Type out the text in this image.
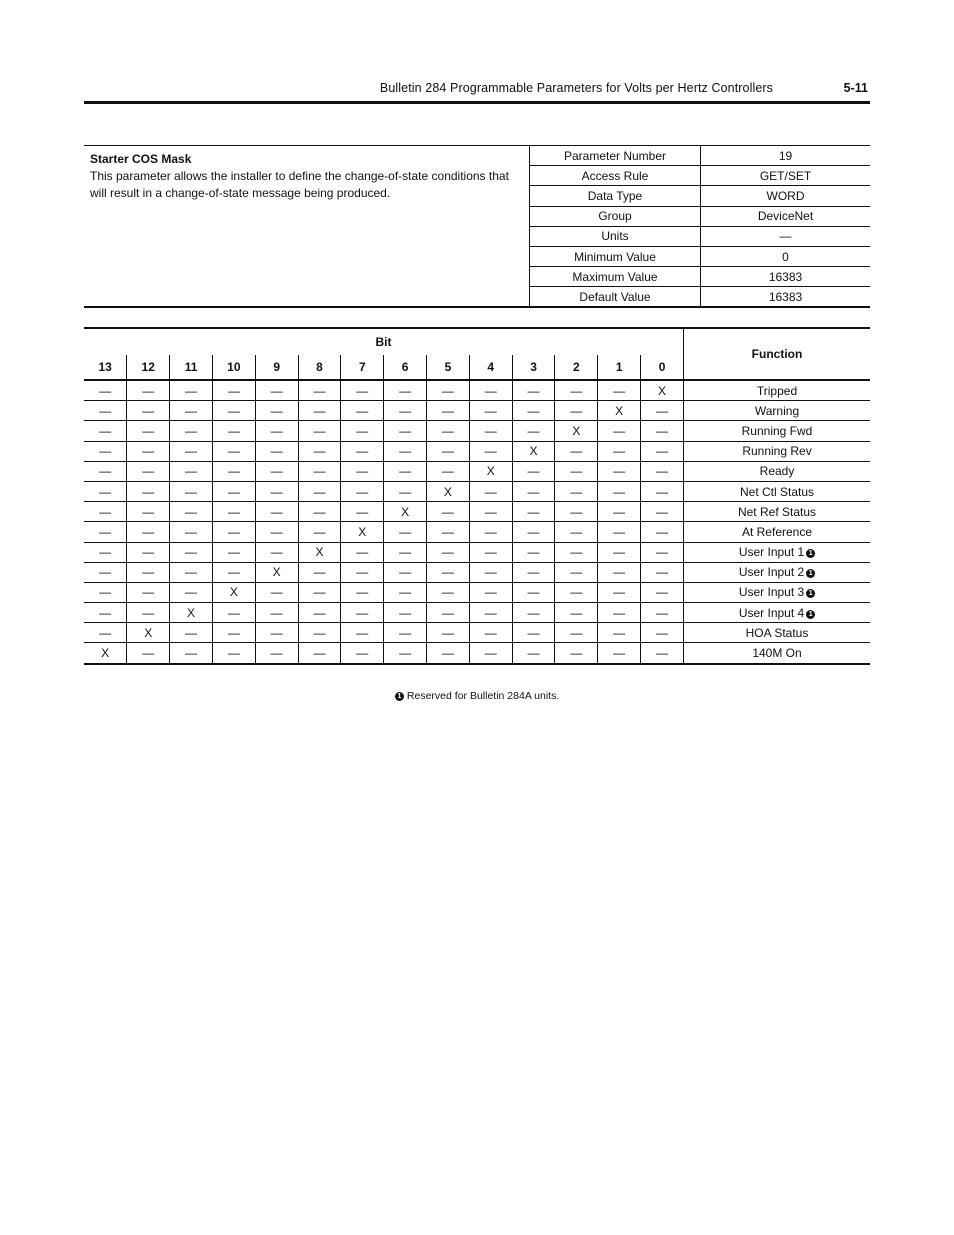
Bulletin 284 Programmable Parameters for Volts per Hertz Controllers	5-11
Starter COS Mask
This parameter allows the installer to define the change-of-state conditions that will result in a change-of-state message being produced.
Parameter Number	19
Access Rule	GET/SET
Data Type	WORD
Group	DeviceNet
Units	—
Minimum Value	0
Maximum Value	16383
Default Value	16383
Bit														Function
13	12	11	10	9	8	7	6	5	4	3	2	1	0	
—	—	—	—	—	—	—	—	—	—	—	—	—	X	Tripped
—	—	—	—	—	—	—	—	—	—	—	—	X	—	Warning
—	—	—	—	—	—	—	—	—	—	—	X	—	—	Running Fwd
—	—	—	—	—	—	—	—	—	—	X	—	—	—	Running Rev
—	—	—	—	—	—	—	—	—	X	—	—	—	—	Ready
—	—	—	—	—	—	—	—	X	—	—	—	—	—	Net Ctl Status
—	—	—	—	—	—	—	X	—	—	—	—	—	—	Net Ref Status
—	—	—	—	—	—	X	—	—	—	—	—	—	—	At Reference
—	—	—	—	—	X	—	—	—	—	—	—	—	—	User Input 1 1
—	—	—	—	X	—	—	—	—	—	—	—	—	—	User Input 2 1
—	—	—	X	—	—	—	—	—	—	—	—	—	—	User Input 3 1
—	—	X	—	—	—	—	—	—	—	—	—	—	—	User Input 4 1
—	X	—	—	—	—	—	—	—	—	—	—	—	—	HOA Status
X	—	—	—	—	—	—	—	—	—	—	—	—	—	140M On
1 Reserved for Bulletin 284A units.
